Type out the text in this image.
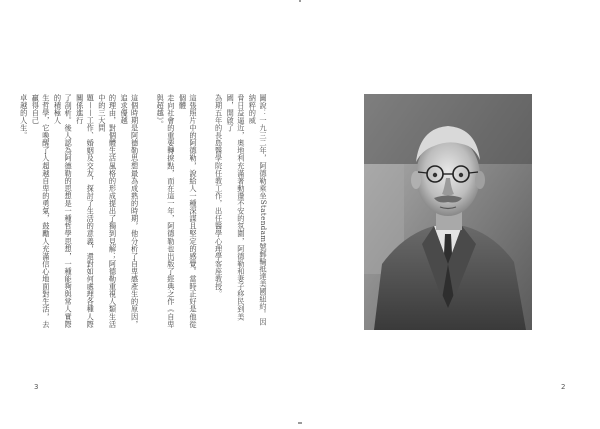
圖說：一九三二年，阿德勒乘坐Statendam號郵輪抵達美國紐約。因納粹的威
脅日益逼近，奧地利充滿著動盪不安的氛圍，阿德勒和妻子移民到美國，開啟了
為期五年的長島醫學院任教工作，出任醫學心理學客座教授。
這張照片中的阿德勒，說給人一種深謀且堅定的感覺。當時正好是他從個體
走向社會的重要轉捩點，而在這一年，阿德勒也出版了經典之作《自卑與超越》。
這個時期是阿德勒思想最為成熟的時期，他分析了自卑感產生的原因，追求優越
的理由，對個體生活風格的形成提出了獨到見解；阿德勒重視人類生活中的三大問
題——工作、婚姻及交友，探討了生活的意義，還對如何處理各種人際關係進行
了剖析。後人認為阿德勒的思想是一種哲學思想，一種能夠與常人實際的積極人
生哲學，它喚醒了人超越自卑的勇氣，鼓勵人充滿信心地面對生活，去贏得自己
卓越的人生。
3	2
